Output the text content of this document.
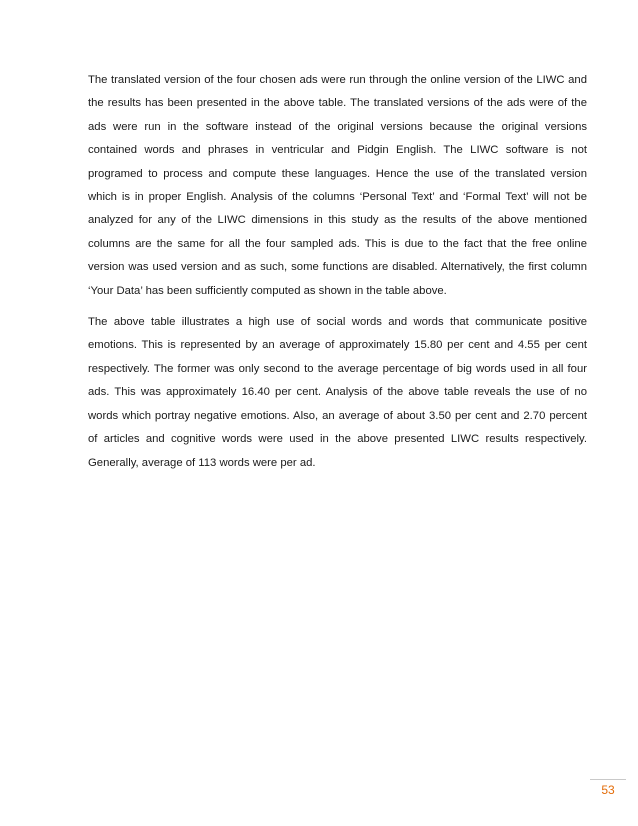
The translated version of the four chosen ads were run through the online version of the LIWC and the results has been presented in the above table. The translated versions of the ads were of the ads were run in the software instead of the original versions because the original versions contained words and phrases in ventricular and Pidgin English. The LIWC software is not programed to process and compute these languages. Hence the use of the translated version which is in proper English. Analysis of the columns ‘Personal Text’ and ‘Formal Text’ will not be analyzed for any of the LIWC dimensions in this study as the results of the above mentioned columns are the same for all the four sampled ads. This is due to the fact that the free online version was used version and as such, some functions are disabled. Alternatively, the first column ‘Your Data’ has been sufficiently computed as shown in the table above.

The above table illustrates a high use of social words and words that communicate positive emotions. This is represented by an average of approximately 15.80 per cent and 4.55 per cent respectively. The former was only second to the average percentage of big words used in all four ads. This was approximately 16.40 per cent. Analysis of the above table reveals the use of no words which portray negative emotions. Also, an average of about 3.50 per cent and 2.70 percent of articles and cognitive words were used in the above presented LIWC results respectively. Generally, average of 113 words were per ad.

53
